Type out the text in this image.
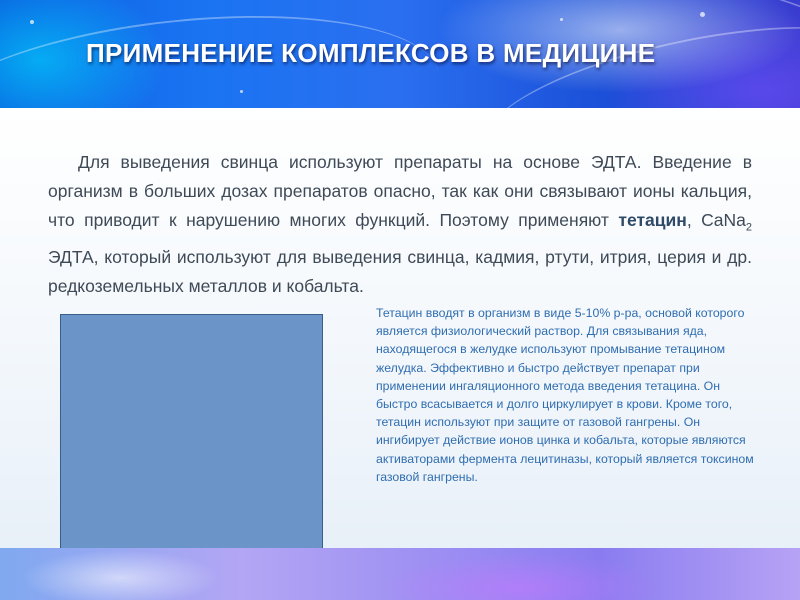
ПРИМЕНЕНИЕ КОМПЛЕКСОВ В МЕДИЦИНЕ

Для выведения свинца используют препараты на основе ЭДТА. Введение в организм в больших дозах препаратов опасно, так как они связывают ионы кальция, что приводит к нарушению многих функций. Поэтому применяют тетацин, CaNa$_2$ ЭДТА, который используют для выведения свинца, кадмия, ртути, итрия, церия и др. редкоземельных металлов и кобальта.

Тетацин вводят в организм в виде 5-10% р-ра, основой которого является физиологический раствор. Для связывания яда, находящегося в желудке используют промывание тетацином желудка. Эффективно и быстро действует препарат при применении ингаляционного метода введения тетацина. Он быстро всасывается и долго циркулирует в крови. Кроме того, тетацин используют при защите от газовой гангрены. Он ингибирует действие ионов цинка и кобальта, которые являются активаторами фермента лецитиназы, который является токсином газовой гангрены.
